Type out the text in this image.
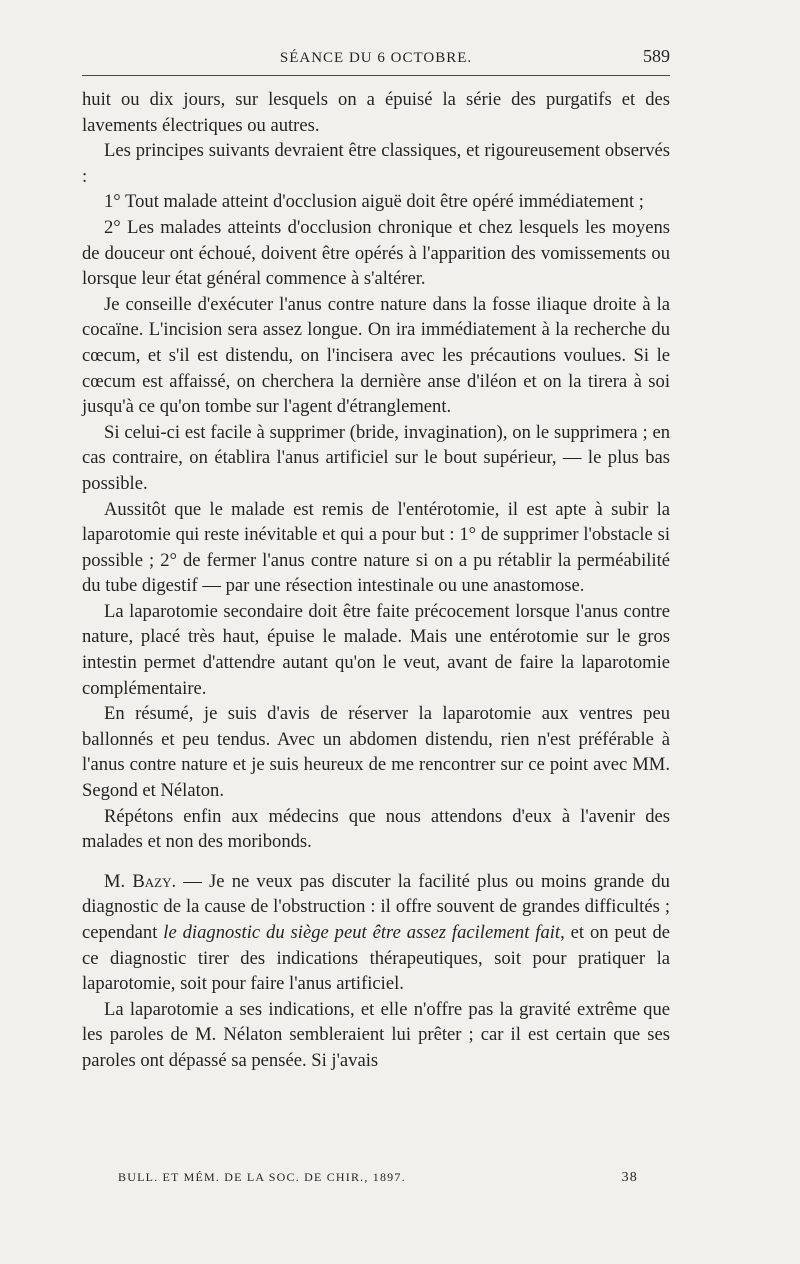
SÉANCE DU 6 OCTOBRE.	589

huit ou dix jours, sur lesquels on a épuisé la série des purgatifs et des lavements électriques ou autres.

Les principes suivants devraient être classiques, et rigoureusement observés :

1° Tout malade atteint d'occlusion aiguë doit être opéré immédiatement ;

2° Les malades atteints d'occlusion chronique et chez lesquels les moyens de douceur ont échoué, doivent être opérés à l'apparition des vomissements ou lorsque leur état général commence à s'altérer.

Je conseille d'exécuter l'anus contre nature dans la fosse iliaque droite à la cocaïne. L'incision sera assez longue. On ira immédiatement à la recherche du cœcum, et s'il est distendu, on l'incisera avec les précautions voulues. Si le cœcum est affaissé, on cherchera la dernière anse d'iléon et on la tirera à soi jusqu'à ce qu'on tombe sur l'agent d'étranglement.

Si celui-ci est facile à supprimer (bride, invagination), on le supprimera ; en cas contraire, on établira l'anus artificiel sur le bout supérieur, — le plus bas possible.

Aussitôt que le malade est remis de l'entérotomie, il est apte à subir la laparotomie qui reste inévitable et qui a pour but : 1° de supprimer l'obstacle si possible ; 2° de fermer l'anus contre nature si on a pu rétablir la perméabilité du tube digestif — par une résection intestinale ou une anastomose.

La laparotomie secondaire doit être faite précocement lorsque l'anus contre nature, placé très haut, épuise le malade. Mais une entérotomie sur le gros intestin permet d'attendre autant qu'on le veut, avant de faire la laparotomie complémentaire.

En résumé, je suis d'avis de réserver la laparotomie aux ventres peu ballonnés et peu tendus. Avec un abdomen distendu, rien n'est préférable à l'anus contre nature et je suis heureux de me rencontrer sur ce point avec MM. Segond et Nélaton.

Répétons enfin aux médecins que nous attendons d'eux à l'avenir des malades et non des moribonds.

M. Bazy. — Je ne veux pas discuter la facilité plus ou moins grande du diagnostic de la cause de l'obstruction : il offre souvent de grandes difficultés ; cependant le diagnostic du siège peut être assez facilement fait, et on peut de ce diagnostic tirer des indications thérapeutiques, soit pour pratiquer la laparotomie, soit pour faire l'anus artificiel.

La laparotomie a ses indications, et elle n'offre pas la gravité extrême que les paroles de M. Nélaton sembleraient lui prêter ; car il est certain que ses paroles ont dépassé sa pensée. Si j'avais

BULL. ET MÉM. DE LA SOC. DE CHIR., 1897.	38
